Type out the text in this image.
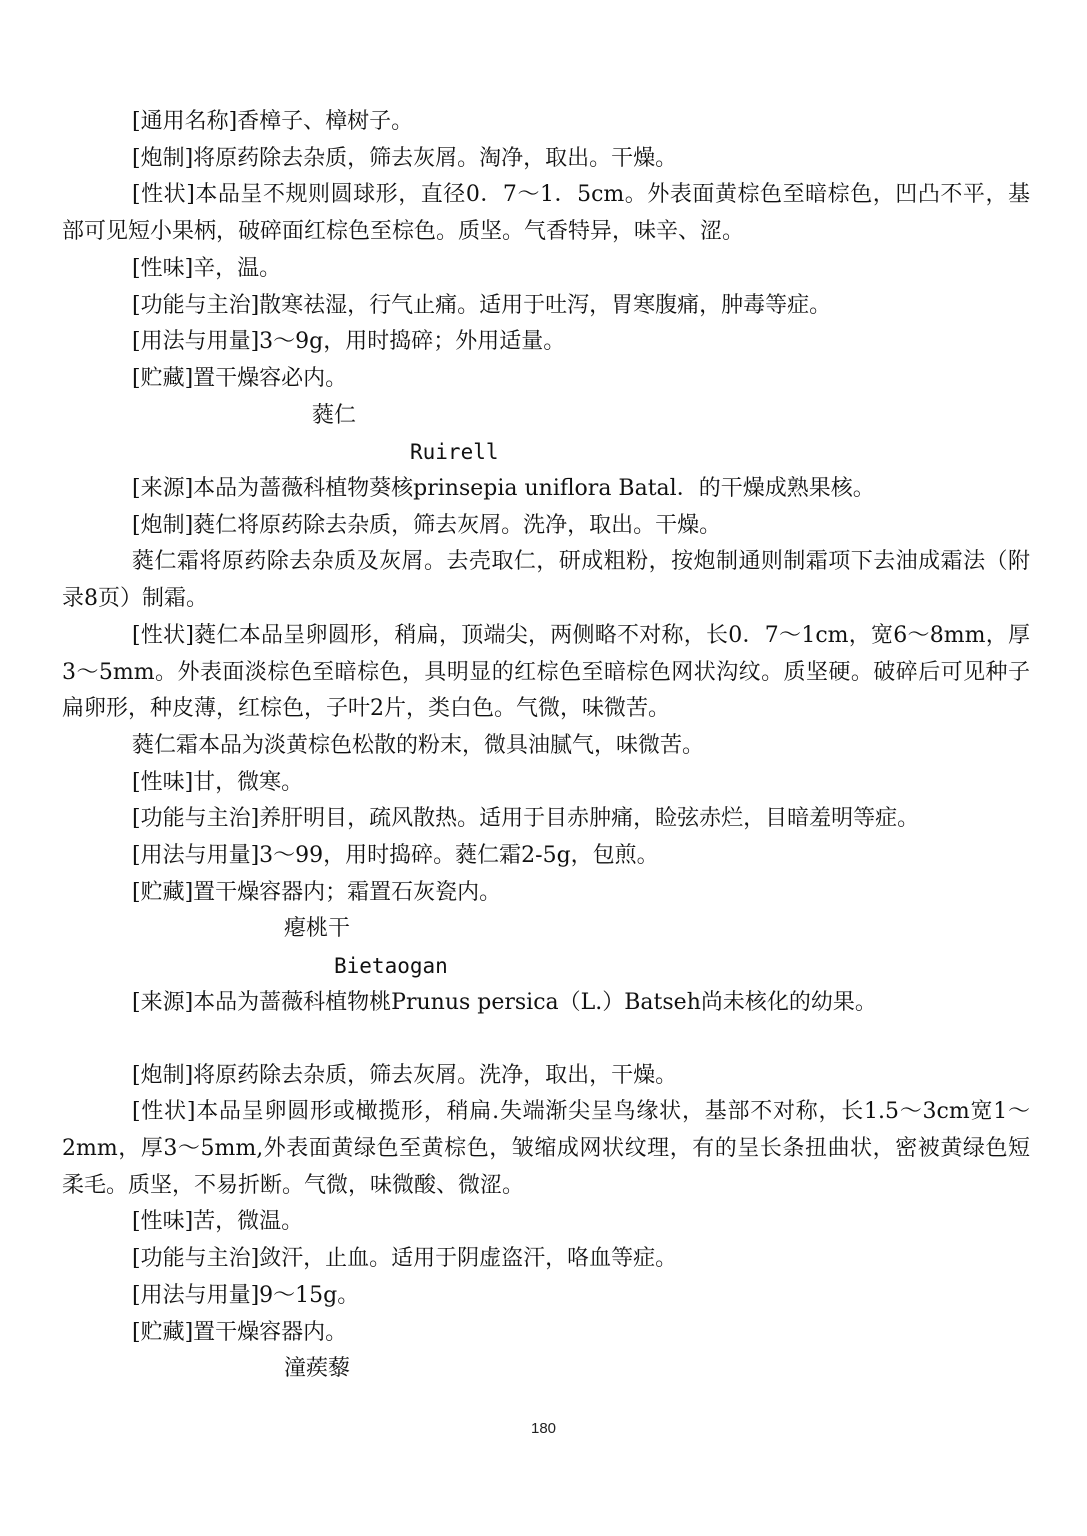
[通用名称]香樟子、樟树子。

[炮制]将原药除去杂质，筛去灰屑。淘净，取出。干燥。

[性状]本品呈不规则圆球形，直径0．7～1．5cm。外表面黄棕色至暗棕色，凹凸不平，基部可见短小果柄，破碎面红棕色至棕色。质坚。气香特异，味辛、涩。

[性味]辛，温。

[功能与主治]散寒祛湿，行气止痛。适用于吐泻，胃寒腹痛，肿毒等症。

[用法与用量]3～9g，用时捣碎；外用适量。

[贮藏]置干燥容必内。

蕤仁

Ruirell

[来源]本品为蔷薇科植物葵核prinsepia uniflora Batal．的干燥成熟果核。

[炮制]蕤仁将原药除去杂质，筛去灰屑。洗净，取出。干燥。

蕤仁霜将原药除去杂质及灰屑。去壳取仁，研成粗粉，按炮制通则制霜项下去油成霜法（附录8页）制霜。

[性状]蕤仁本品呈卵圆形，稍扁，顶端尖，两侧略不对称，长0．7～1cm，宽6～8mm，厚3～5mm。外表面淡棕色至暗棕色，具明显的红棕色至暗棕色网状沟纹。质坚硬。破碎后可见种子扁卵形，种皮薄，红棕色，子叶2片，类白色。气微，味微苦。

蕤仁霜本品为淡黄棕色松散的粉末，微具油腻气，味微苦。

[性味]甘，微寒。

[功能与主治]养肝明目，疏风散热。适用于目赤肿痛，睑弦赤烂，目暗羞明等症。

[用法与用量]3～99，用时捣碎。蕤仁霜2-5g，包煎。

[贮藏]置干燥容器内；霜置石灰瓷内。

瘪桃干

Bietaogan

[来源]本品为蔷薇科植物桃Prunus persica（L.）Batseh尚未核化的幼果。

[炮制]将原药除去杂质，筛去灰屑。洗净，取出，干燥。

[性状]本品呈卵圆形或橄揽形，稍扁.失端渐尖呈鸟缘状，基部不对称，长1.5～3cm宽1～2mm，厚3～5mm,外表面黄绿色至黄棕色，皱缩成网状纹理，有的呈长条扭曲状，密被黄绿色短柔毛。质坚，不易折断。气微，味微酸、微涩。

[性味]苦，微温。

[功能与主治]敛汗，止血。适用于阴虚盗汗，咯血等症。

[用法与用量]9～15g。

[贮藏]置干燥容器内。

潼蒺藜

180
